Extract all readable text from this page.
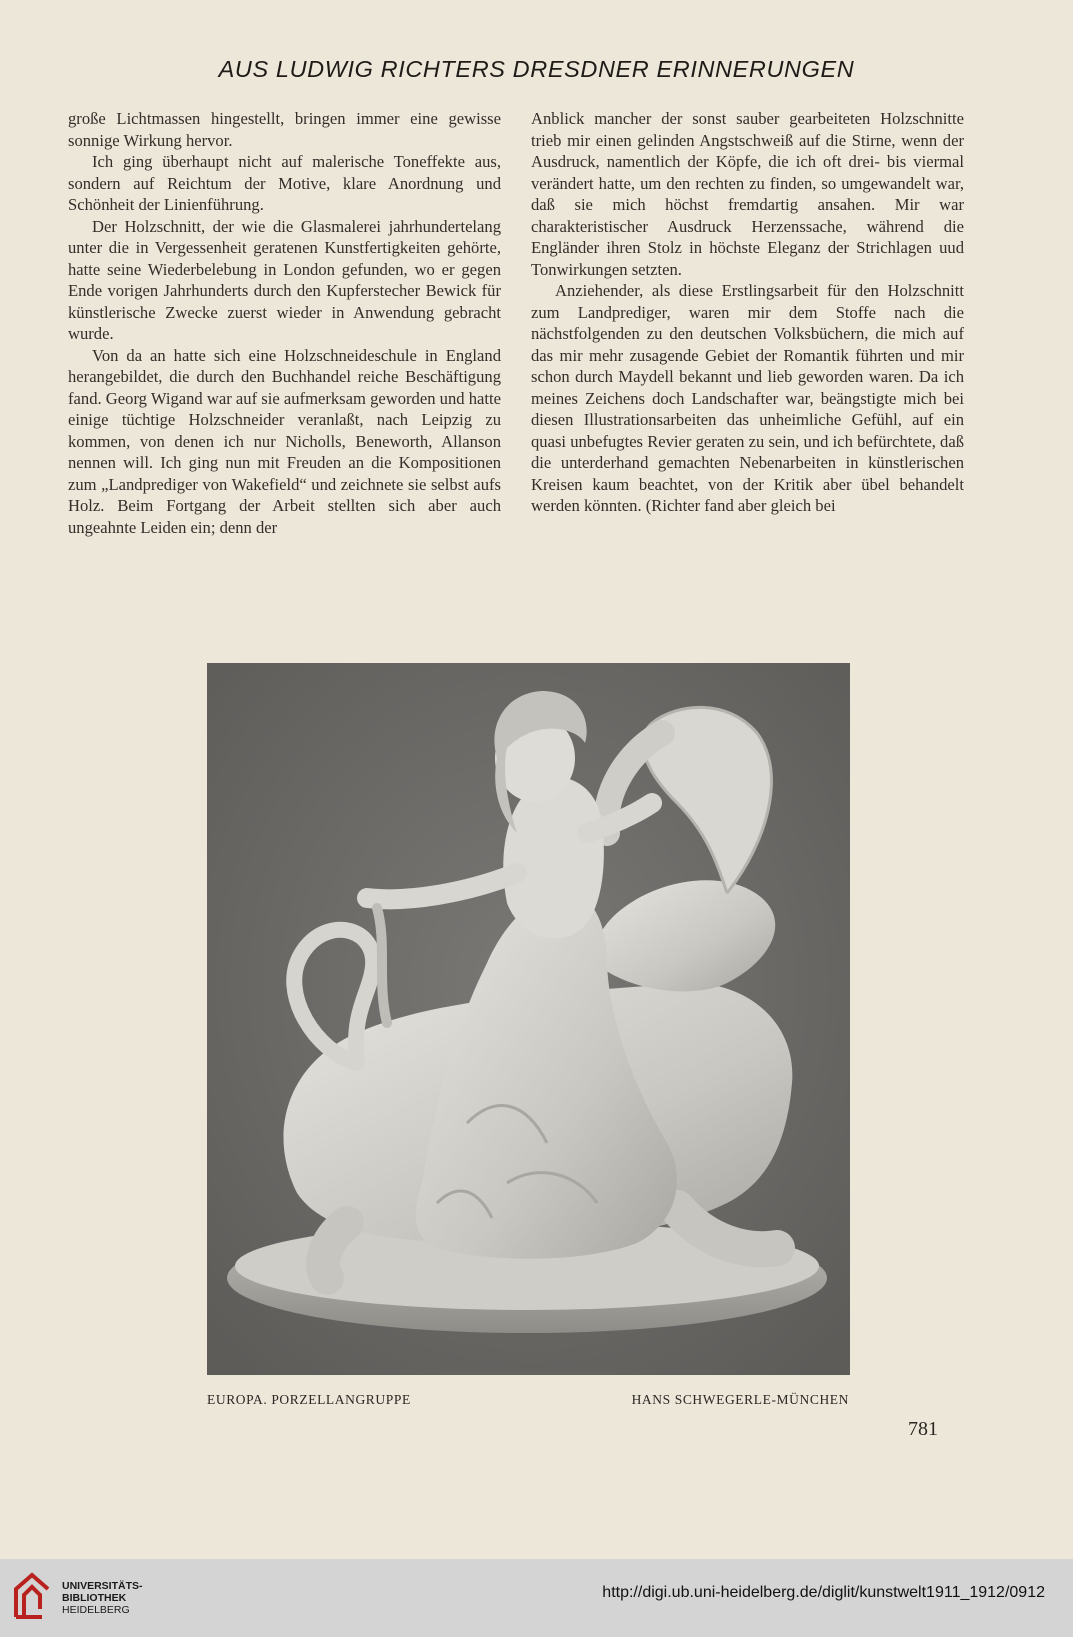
AUS LUDWIG RICHTERS DRESDNER ERINNERUNGEN

große Lichtmassen hingestellt, bringen immer eine gewisse sonnige Wirkung hervor.

Ich ging überhaupt nicht auf malerische Toneffekte aus, sondern auf Reichtum der Motive, klare Anordnung und Schönheit der Linienführung.

Der Holzschnitt, der wie die Glasmalerei jahrhundertelang unter die in Vergessenheit geratenen Kunstfertigkeiten gehörte, hatte seine Wiederbelebung in London gefunden, wo er gegen Ende vorigen Jahrhunderts durch den Kupferstecher Bewick für künstlerische Zwecke zuerst wieder in Anwendung gebracht wurde.

Von da an hatte sich eine Holzschneideschule in England herangebildet, die durch den Buchhandel reiche Beschäftigung fand. Georg Wigand war auf sie aufmerksam geworden und hatte einige tüchtige Holzschneider veranlaßt, nach Leipzig zu kommen, von denen ich nur Nicholls, Beneworth, Allanson nennen will. Ich ging nun mit Freuden an die Kompositionen zum „Landprediger von Wakefield“ und zeichnete sie selbst aufs Holz. Beim Fortgang der Arbeit stellten sich aber auch ungeahnte Leiden ein; denn der

Anblick mancher der sonst sauber gearbeiteten Holzschnitte trieb mir einen gelinden Angstschweiß auf die Stirne, wenn der Ausdruck, namentlich der Köpfe, die ich oft drei- bis viermal verändert hatte, um den rechten zu finden, so umgewandelt war, daß sie mich höchst fremdartig ansahen. Mir war charakteristischer Ausdruck Herzenssache, während die Engländer ihren Stolz in höchste Eleganz der Strichlagen uud Tonwirkungen setzten.

Anziehender, als diese Erstlingsarbeit für den Holzschnitt zum Landprediger, waren mir dem Stoffe nach die nächstfolgenden zu den deutschen Volksbüchern, die mich auf das mir mehr zusagende Gebiet der Romantik führten und mir schon durch Maydell bekannt und lieb geworden waren. Da ich meines Zeichens doch Landschafter war, beängstigte mich bei diesen Illustrationsarbeiten das unheimliche Gefühl, auf ein quasi unbefugtes Revier geraten zu sein, und ich befürchtete, daß die unterderhand gemachten Nebenarbeiten in künstlerischen Kreisen kaum beachtet, von der Kritik aber übel behandelt werden könnten. (Richter fand aber gleich bei

EUROPA. PORZELLANGRUPPE	HANS SCHWEGERLE-MÜNCHEN
781
UNIVERSITÄTS-
BIBLIOTHEK
HEIDELBERG
http://digi.ub.uni-heidelberg.de/diglit/kunstwelt1911_1912/0912
